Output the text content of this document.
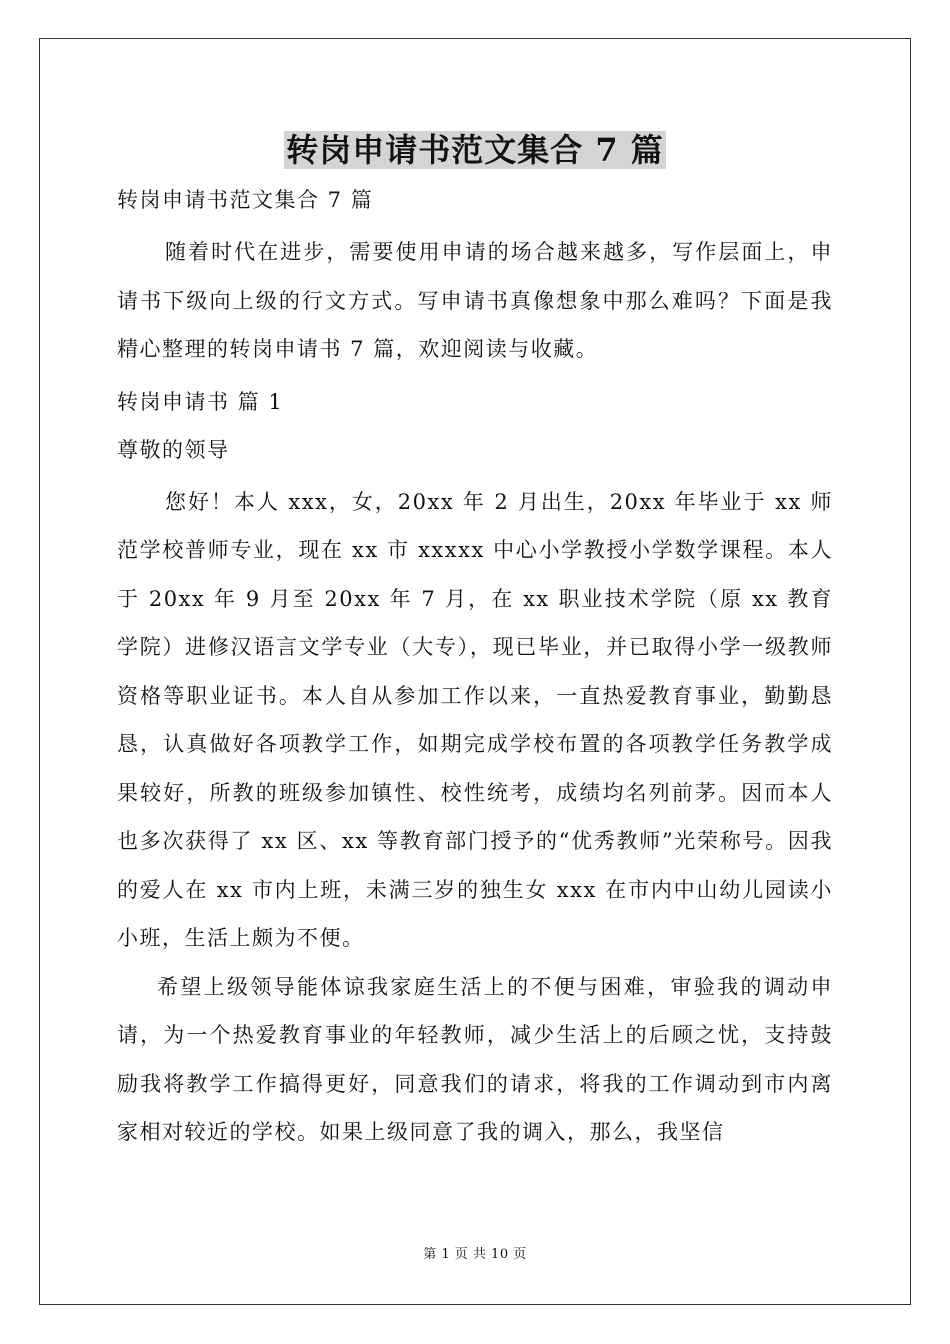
转岗申请书范文集合 7 篇

转岗申请书范文集合 7 篇

随着时代在进步，需要使用申请的场合越来越多，写作层面上，申请书下级向上级的行文方式。写申请书真像想象中那么难吗？下面是我精心整理的转岗申请书 7 篇，欢迎阅读与收藏。

转岗申请书 篇 1

尊敬的领导

您好！本人 xxx，女，20xx 年 2 月出生，20xx 年毕业于 xx 师范学校普师专业，现在 xx 市 xxxxx 中心小学教授小学数学课程。本人于 20xx 年 9 月至 20xx 年 7 月，在 xx 职业技术学院（原 xx 教育学院）进修汉语言文学专业（大专），现已毕业，并已取得小学一级教师资格等职业证书。本人自从参加工作以来，一直热爱教育事业，勤勤恳恳，认真做好各项教学工作，如期完成学校布置的各项教学任务教学成果较好，所教的班级参加镇性、校性统考，成绩均名列前茅。因而本人也多次获得了 xx 区、xx 等教育部门授予的“优秀教师”光荣称号。因我的爱人在 xx 市内上班，未满三岁的独生女 xxx 在市内中山幼儿园读小小班，生活上颇为不便。

希望上级领导能体谅我家庭生活上的不便与困难，审验我的调动申请，为一个热爱教育事业的年轻教师，减少生活上的后顾之忧，支持鼓励我将教学工作搞得更好，同意我们的请求，将我的工作调动到市内离家相对较近的学校。如果上级同意了我的调入，那么，我坚信

第 1 页 共 10 页
